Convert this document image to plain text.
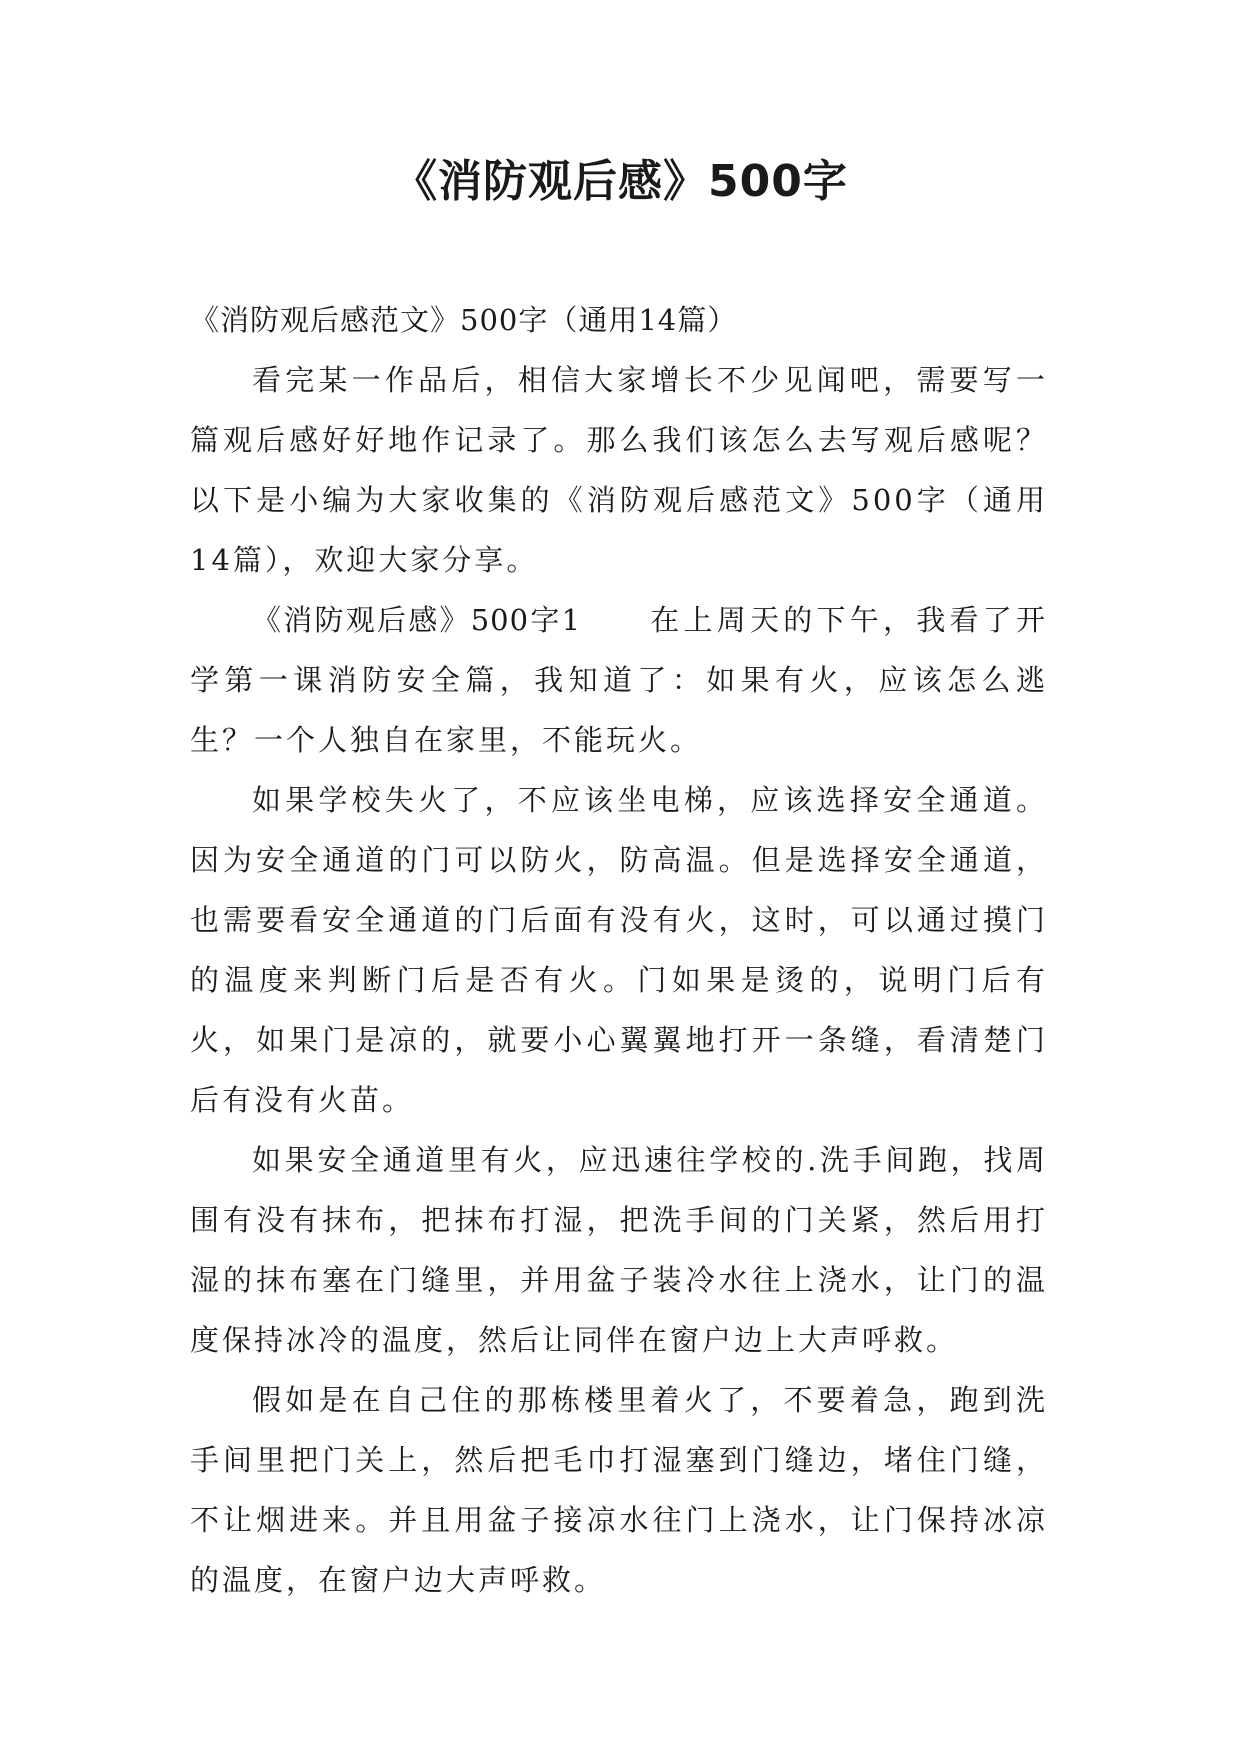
《消防观后感》500字

《消防观后感范文》500字（通用14篇）

看完某一作品后，相信大家增长不少见闻吧，需要写一篇观后感好好地作记录了。那么我们该怎么去写观后感呢？以下是小编为大家收集的《消防观后感范文》500字（通用14篇），欢迎大家分享。

《消防观后感》500字1 在上周天的下午，我看了开学第一课消防安全篇，我知道了：如果有火，应该怎么逃生？一个人独自在家里，不能玩火。

如果学校失火了，不应该坐电梯，应该选择安全通道。因为安全通道的门可以防火，防高温。但是选择安全通道，也需要看安全通道的门后面有没有火，这时，可以通过摸门的温度来判断门后是否有火。门如果是烫的，说明门后有火，如果门是凉的，就要小心翼翼地打开一条缝，看清楚门后有没有火苗。

如果安全通道里有火，应迅速往学校的.洗手间跑，找周围有没有抹布，把抹布打湿，把洗手间的门关紧，然后用打湿的抹布塞在门缝里，并用盆子装冷水往上浇水，让门的温度保持冰冷的温度，然后让同伴在窗户边上大声呼救。

假如是在自己住的那栋楼里着火了，不要着急，跑到洗手间里把门关上，然后把毛巾打湿塞到门缝边，堵住门缝，不让烟进来。并且用盆子接凉水往门上浇水，让门保持冰凉的温度，在窗户边大声呼救。
